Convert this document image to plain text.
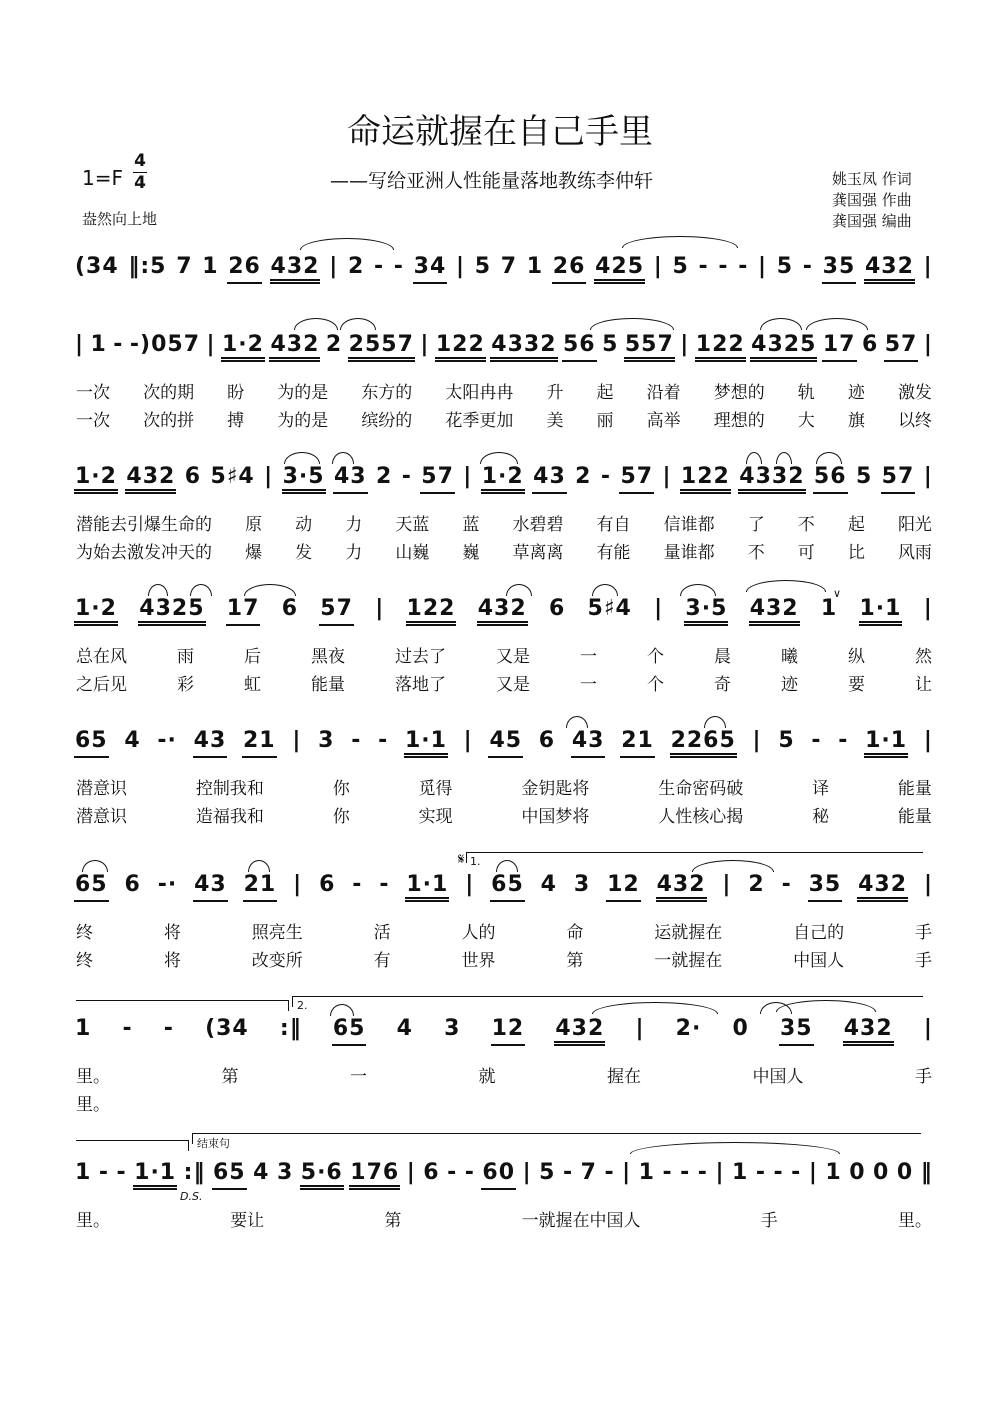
命运就握在自己手里
——写给亚洲人性能量落地教练李仲轩
1=F
4
4
盎然向上地
姚玉凤 作词
龚国强 作曲
龚国强 编曲
(34 ‖:5 7 1 26 432 | 2 - - 34 | 5 7 1 26 425 | 5 - - - | 5 - 35 432 |
| 1 - -)057 | 1·2 432 2 2557 | 122 4332 56 5 557 | 122 4325 17 6 57 |
一次 次的期 盼 为的是 东方的 太阳冉冉 升 起 沿着 梦想的 轨 迹 激发
一次 次的拼 搏 为的是 缤纷的 花季更加 美 丽 高举 理想的 大 旗 以终
1·2 432 6 5♯4 | 3·5 43 2 - 57 | 1·2 43 2 - 57 | 122 4332 56 5 57 |
潜能去引爆生命的 原 动 力 天蓝 蓝 水碧碧 有自 信谁都 了 不 起 阳光
为始去激发冲天的 爆 发 力 山巍 巍 草离离 有能 量谁都 不 可 比 风雨
1·2 4325 17 6 57 | 122 432 6 5♯4 | 3·5 432 1 1·1 |
总在风	雨	后	黑夜	过去了	又是	一	个	晨	曦	纵	然
之后见	彩	虹	能量	落地了	又是	一	个	奇	迹	要	让
65 4 -· 43 21 | 3 - - 1·1 | 45 6 43 21 2265 | 5 - - 1·1 |
潜意识	控制我和	你	觅得	金钥匙将	生命密码破	译	能量
潜意识	造福我和	你	实现	中国梦将	人性核心揭	秘	能量
65 6 -· 43 21 | 6 - - 1·1 | 65 4 3 12 432 | 2 - 35 432 |
终	将	照亮生	活	人的	命	运就握在	自己的	手
终	将	改变所	有	世界	第	一就握在	中国人	手
1 - - (34 :‖ 65 4 3 12 432 | 2· 0 35 432 |
里。	第	一	就	握在	中国人	手
里。
1 - - 1·1 :‖ 65 4 3 5·6 176 | 6 - - 60 | 5 - 7 - | 1 - - - | 1 - - - | 1 0 0 0 ‖
里。	要让	第	一就握在中国人	手	里。
1.
𝄋
2.
结束句
D.S.
∨
